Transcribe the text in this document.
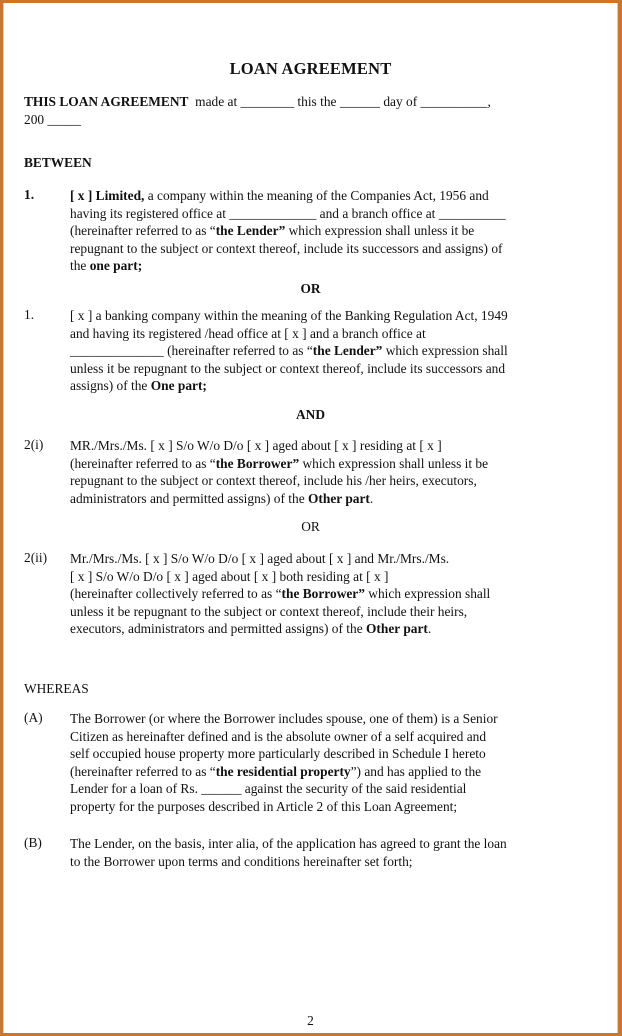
LOAN AGREEMENT
THIS LOAN AGREEMENT made at ________ this the ______ day of __________,
200 _____
BETWEEN
1.	[ x ] Limited, a company within the meaning of the Companies Act, 1956 and
having its registered office at _____________ and a branch office at __________
(hereinafter referred to as “the Lender” which expression shall unless it be
repugnant to the subject or context thereof, include its successors and assigns) of
the one part;
OR
1.	[ x ] a banking company within the meaning of the Banking Regulation Act, 1949
and having its registered /head office at [ x ] and a branch office at
______________ (hereinafter referred to as “the Lender” which expression shall
unless it be repugnant to the subject or context thereof, include its successors and
assigns) of the One part;
AND
2(i) MR./Mrs./Ms. [ x ] S/o W/o D/o [ x ] aged about [ x ] residing at [ x ]
(hereinafter referred to as “the Borrower” which expression shall unless it be
repugnant to the subject or context thereof, include his /her heirs, executors,
administrators and permitted assigns) of the Other part.
OR
2(ii) Mr./Mrs./Ms. [ x ] S/o W/o D/o [ x ] aged about [ x ] and Mr./Mrs./Ms.
[ x ] S/o W/o D/o [ x ] aged about [ x ] both residing at [ x ]
(hereinafter collectively referred to as “the Borrower” which expression shall
unless it be repugnant to the subject or context thereof, include their heirs,
executors, administrators and permitted assigns) of the Other part.
WHEREAS
(A) The Borrower (or where the Borrower includes spouse, one of them) is a Senior
Citizen as hereinafter defined and is the absolute owner of a self acquired and
self occupied house property more particularly described in Schedule I hereto
(hereinafter referred to as “the residential property”) and has applied to the
Lender for a loan of Rs. ______ against the security of the said residential
property for the purposes described in Article 2 of this Loan Agreement;
(B) The Lender, on the basis, inter alia, of the application has agreed to grant the loan
to the Borrower upon terms and conditions hereinafter set forth;
2
